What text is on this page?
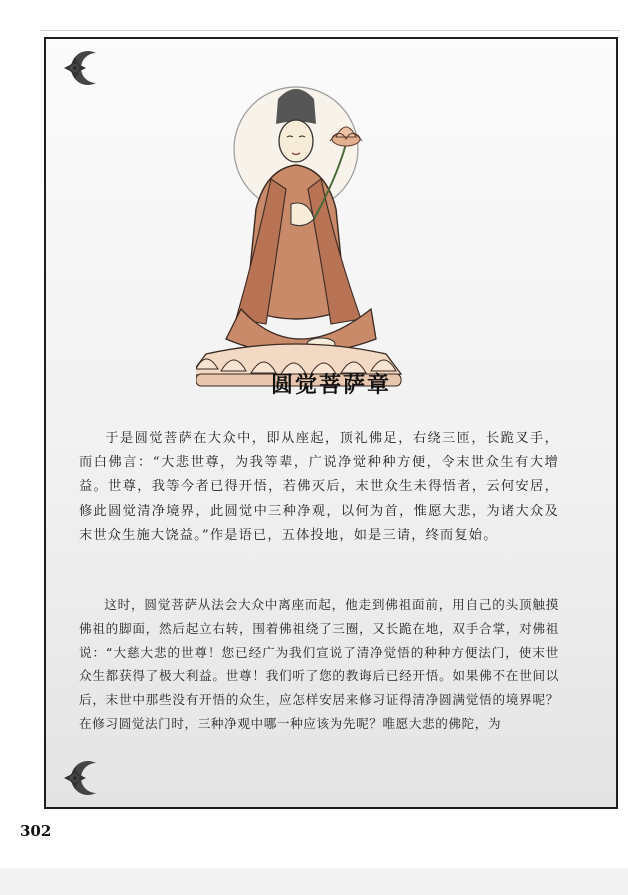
圆觉菩萨章

于是圆觉菩萨在大众中，即从座起，顶礼佛足，右绕三匝，长跪叉手，而白佛言：“大悲世尊，为我等辈，广说净觉种种方便，令末世众生有大增益。世尊，我等今者已得开悟，若佛灭后，末世众生未得悟者，云何安居，修此圆觉清净境界，此圆觉中三种净观，以何为首，惟愿大悲，为诸大众及末世众生施大饶益。”作是语已，五体投地，如是三请，终而复始。

这时，圆觉菩萨从法会大众中离座而起，他走到佛祖面前，用自己的头顶触摸佛祖的脚面，然后起立右转，围着佛祖绕了三圈，又长跪在地，双手合掌，对佛祖说：“大慈大悲的世尊！您已经广为我们宣说了清净觉悟的种种方便法门，使末世众生都获得了极大利益。世尊！我们听了您的教诲后已经开悟。如果佛不在世间以后，末世中那些没有开悟的众生，应怎样安居来修习证得清净圆满觉悟的境界呢？在修习圆觉法门时，三种净观中哪一种应该为先呢？唯愿大悲的佛陀，为

302
